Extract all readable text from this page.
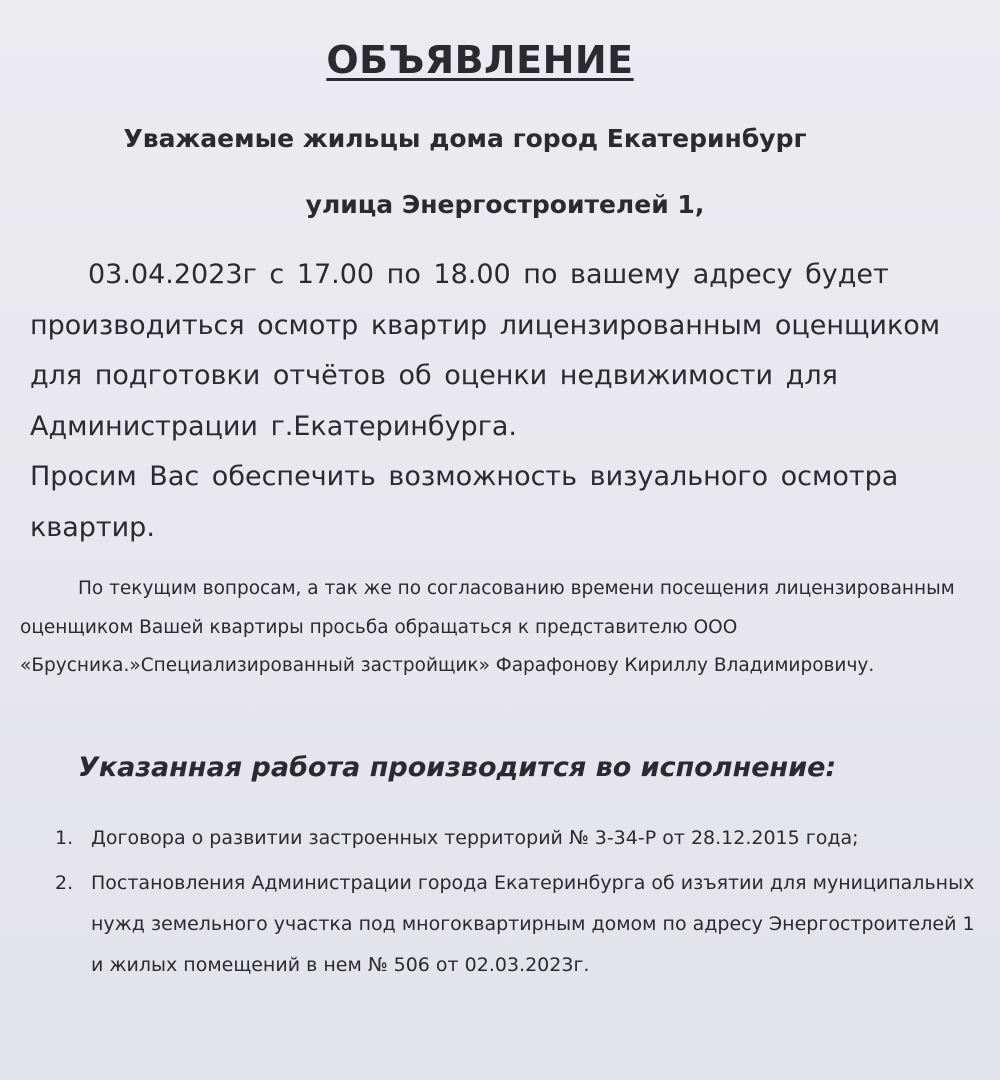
ОБЪЯВЛЕНИЕ
Уважаемые жильцы дома город Екатеринбург
улица Энергостроителей 1,

03.04.2023г с 17.00 по 18.00 по вашему адресу будет производиться осмотр квартир лицензированным оценщиком для подготовки отчётов об оценки недвижимости для Администрации г.Екатеринбурга.

Просим Вас обеспечить возможность визуального осмотра квартир.

По текущим вопросам, а так же по согласованию времени посещения лицензированным оценщиком Вашей квартиры просьба обращаться к представителю ООО «Брусника.»Специализированный застройщик» Фарафонову Кириллу Владимировичу.

Указанная работа производится во исполнение:
1. Договора о развитии застроенных территорий № 3-34-Р от 28.12.2015 года;
2. Постановления Администрации города Екатеринбурга об изъятии для муниципальных нужд земельного участка под многоквартирным домом по адресу Энергостроителей 1 и жилых помещений в нем № 506 от 02.03.2023г.
